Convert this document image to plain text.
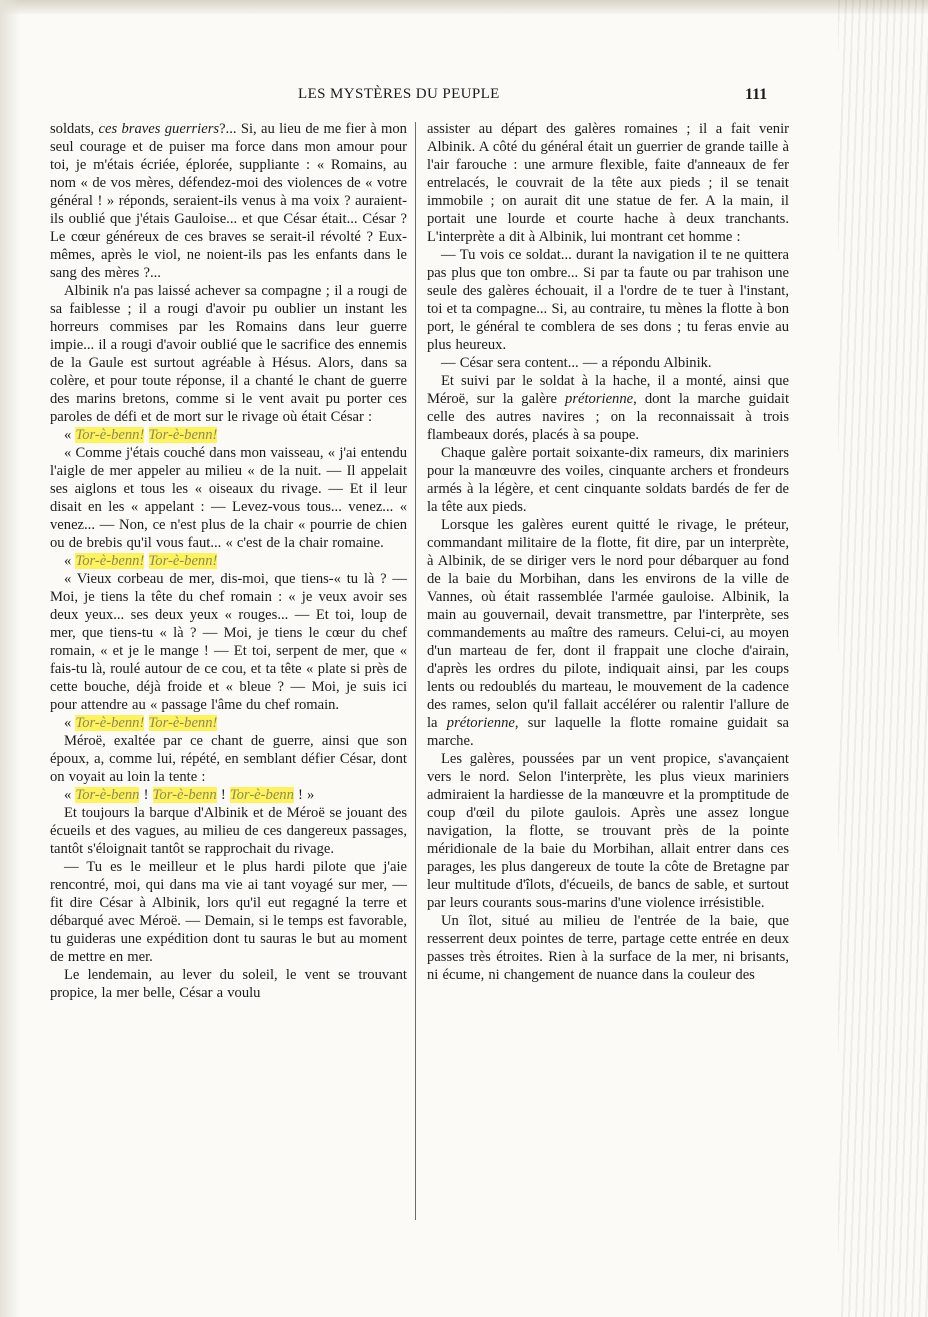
LES MYSTÈRES DU PEUPLE	111

soldats, ces braves guerriers?... Si, au lieu de me fier à mon seul courage et de puiser ma force dans mon amour pour toi, je m'étais écriée, éplorée, suppliante : « Romains, au nom « de vos mères, défendez-moi des violences de « votre général ! » réponds, seraient-ils venus à ma voix ? auraient-ils oublié que j'étais Gauloise... et que César était... César ? Le cœur généreux de ces braves se serait-il révolté ? Eux-mêmes, après le viol, ne noient-ils pas les enfants dans le sang des mères ?...

Albinik n'a pas laissé achever sa compagne ; il a rougi de sa faiblesse ; il a rougi d'avoir pu oublier un instant les horreurs commises par les Romains dans leur guerre impie... il a rougi d'avoir oublié que le sacrifice des ennemis de la Gaule est surtout agréable à Hésus. Alors, dans sa colère, et pour toute réponse, il a chanté le chant de guerre des marins bretons, comme si le vent avait pu porter ces paroles de défi et de mort sur le rivage où était César :

« Tor-è-benn! Tor-è-benn!

« Comme j'étais couché dans mon vaisseau, « j'ai entendu l'aigle de mer appeler au milieu « de la nuit. — Il appelait ses aiglons et tous les « oiseaux du rivage. — Et il leur disait en les « appelant : — Levez-vous tous... venez... « venez... — Non, ce n'est plus de la chair « pourrie de chien ou de brebis qu'il vous faut... « c'est de la chair romaine.

« Tor-è-benn! Tor-è-benn!

« Vieux corbeau de mer, dis-moi, que tiens-« tu là ? — Moi, je tiens la tête du chef romain : « je veux avoir ses deux yeux... ses deux yeux « rouges... — Et toi, loup de mer, que tiens-tu « là ? — Moi, je tiens le cœur du chef romain, « et je le mange ! — Et toi, serpent de mer, que « fais-tu là, roulé autour de ce cou, et ta tête « plate si près de cette bouche, déjà froide et « bleue ? — Moi, je suis ici pour attendre au « passage l'âme du chef romain.

« Tor-è-benn! Tor-è-benn!

Méroë, exaltée par ce chant de guerre, ainsi que son époux, a, comme lui, répété, en semblant défier César, dont on voyait au loin la tente :

« Tor-è-benn ! Tor-è-benn ! Tor-è-benn ! »

Et toujours la barque d'Albinik et de Méroë se jouant des écueils et des vagues, au milieu de ces dangereux passages, tantôt s'éloignait tantôt se rapprochait du rivage.

— Tu es le meilleur et le plus hardi pilote que j'aie rencontré, moi, qui dans ma vie ai tant voyagé sur mer, — fit dire César à Albinik, lors qu'il eut regagné la terre et débarqué avec Méroë. — Demain, si le temps est favorable, tu guideras une expédition dont tu sauras le but au moment de mettre en mer.

Le lendemain, au lever du soleil, le vent se trouvant propice, la mer belle, César a voulu

assister au départ des galères romaines ; il a fait venir Albinik. A côté du général était un guerrier de grande taille à l'air farouche : une armure flexible, faite d'anneaux de fer entrelacés, le couvrait de la tête aux pieds ; il se tenait immobile ; on aurait dit une statue de fer. A la main, il portait une lourde et courte hache à deux tranchants. L'interprète a dit à Albinik, lui montrant cet homme :

— Tu vois ce soldat... durant la navigation il te ne quittera pas plus que ton ombre... Si par ta faute ou par trahison une seule des galères échouait, il a l'ordre de te tuer à l'instant, toi et ta compagne... Si, au contraire, tu mènes la flotte à bon port, le général te comblera de ses dons ; tu feras envie au plus heureux.

— César sera content... — a répondu Albinik.

Et suivi par le soldat à la hache, il a monté, ainsi que Méroë, sur la galère prétorienne, dont la marche guidait celle des autres navires ; on la reconnaissait à trois flambeaux dorés, placés à sa poupe.

Chaque galère portait soixante-dix rameurs, dix mariniers pour la manœuvre des voiles, cinquante archers et frondeurs armés à la légère, et cent cinquante soldats bardés de fer de la tête aux pieds.

Lorsque les galères eurent quitté le rivage, le préteur, commandant militaire de la flotte, fit dire, par un interprète, à Albinik, de se diriger vers le nord pour débarquer au fond de la baie du Morbihan, dans les environs de la ville de Vannes, où était rassemblée l'armée gauloise. Albinik, la main au gouvernail, devait transmettre, par l'interprète, ses commandements au maître des rameurs. Celui-ci, au moyen d'un marteau de fer, dont il frappait une cloche d'airain, d'après les ordres du pilote, indiquait ainsi, par les coups lents ou redoublés du marteau, le mouvement de la cadence des rames, selon qu'il fallait accélérer ou ralentir l'allure de la prétorienne, sur laquelle la flotte romaine guidait sa marche.

Les galères, poussées par un vent propice, s'avançaient vers le nord. Selon l'interprète, les plus vieux mariniers admiraient la hardiesse de la manœuvre et la promptitude de coup d'œil du pilote gaulois. Après une assez longue navigation, la flotte, se trouvant près de la pointe méridionale de la baie du Morbihan, allait entrer dans ces parages, les plus dangereux de toute la côte de Bretagne par leur multitude d'îlots, d'écueils, de bancs de sable, et surtout par leurs courants sous-marins d'une violence irrésistible.

Un îlot, situé au milieu de l'entrée de la baie, que resserrent deux pointes de terre, partage cette entrée en deux passes très étroites. Rien à la surface de la mer, ni brisants, ni écume, ni changement de nuance dans la couleur des
